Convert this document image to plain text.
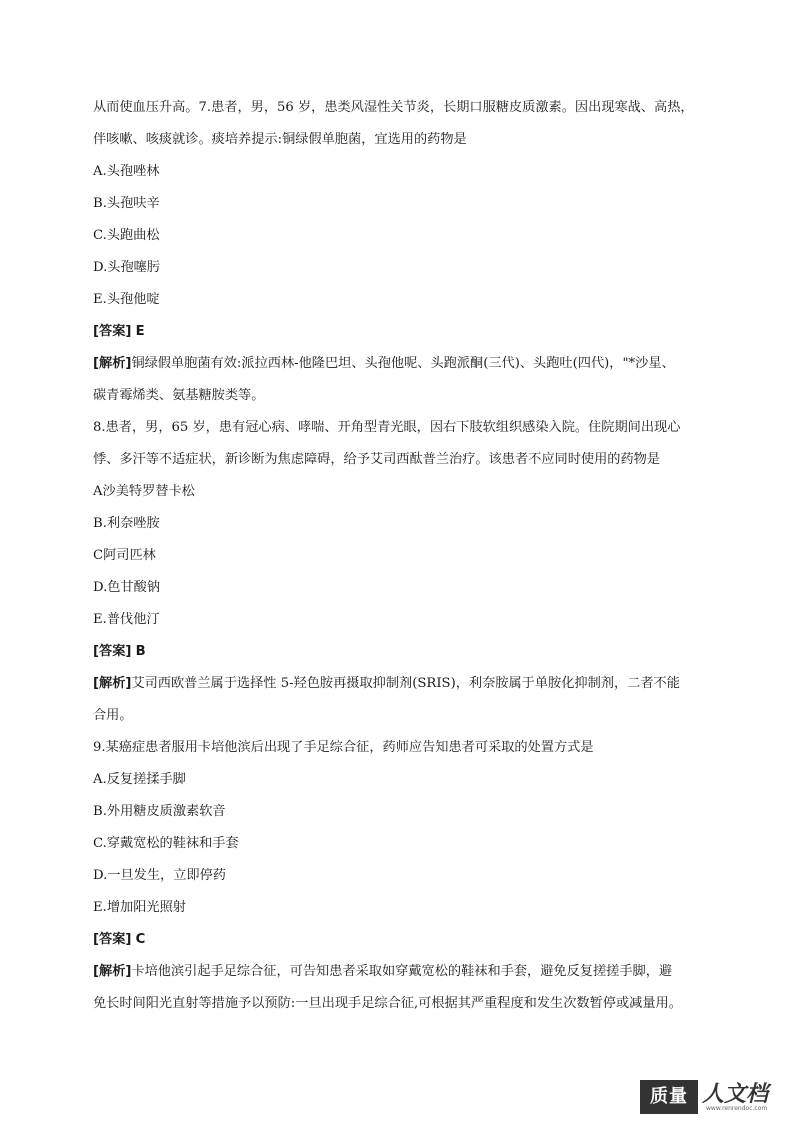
从而使血压升高。7.患者，男，56 岁，患类风湿性关节炎，长期口服糖皮质激素。因出现寒战、高热，
伴咳嗽、咳痰就诊。痰培养提示:铜绿假单胞菌，宜选用的药物是
A.头孢唑林
B.头孢呋辛
C.头跑曲松
D.头孢噻肟
E.头孢他啶
[答案] E
[解析]铜绿假单胞菌有效:派拉西林-他隆巴坦、头孢他呢、头跑派酮(三代)、头跑吐(四代)，"*沙星、
碳青霉烯类、氨基糖胺类等。
8.患者，男，65 岁，患有冠心病、哮喘、开角型青光眼，因右下肢软组织感染入院。住院期间出现心
悸、多汗等不适症状，新诊断为焦虑障碍，给予艾司西酞普兰治疗。该患者不应同时使用的药物是
A沙美特罗替卡松
B.利奈唑胺
C阿司匹林
D.色甘酸钠
E.普伐他汀
[答案] B
[解析]艾司西欧普兰属于选择性 5-羟色胺再摄取抑制剂(SRIS)，利奈胺属于单胺化抑制剂，二者不能
合用。
9.某癌症患者服用卡培他滨后出现了手足综合征，药师应告知患者可采取的处置方式是
A.反复搓揉手脚
B.外用糖皮质激素软音
C.穿戴宽松的鞋袜和手套
D.一旦发生，立即停药
E.增加阳光照射
[答案] C
[解析]卡培他滨引起手足综合征，可告知患者采取如穿戴宽松的鞋袜和手套，避免反复搓搓手脚，避
免长时间阳光直射等措施予以预防:一旦出现手足综合征,可根据其严重程度和发生次数暂停或减量用。
质量 人文档
www.renrendoc.com
